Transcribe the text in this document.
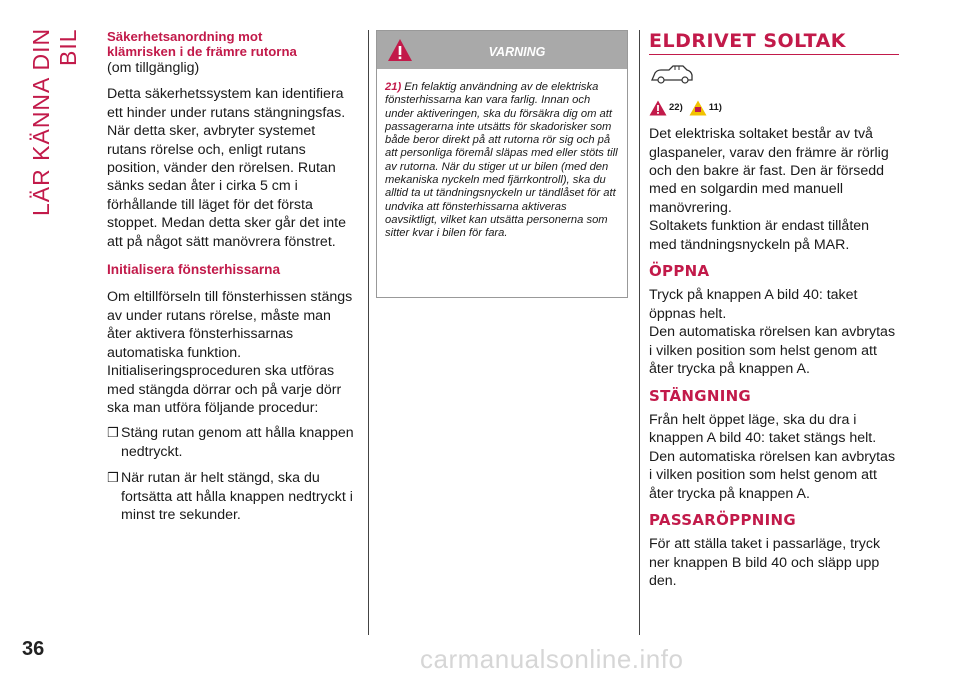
LÄR KÄNNA DIN BIL
36
Säkerhetsanordning mot
klämrisken i de främre rutorna
(om tillgänglig)

Detta säkerhetssystem kan identifiera ett hinder under rutans stängningsfas. När detta sker, avbryter systemet rutans rörelse och, enligt rutans position, vänder den rörelsen. Rutan sänks sedan åter i cirka 5 cm i förhållande till läget för det första stoppet. Medan detta sker går det inte att på något sätt manövrera fönstret.

Initialisera fönsterhissarna

Om eltillförseln till fönsterhissen stängs av under rutans rörelse, måste man åter aktivera fönsterhissarnas automatiska funktion.

Initialiseringsproceduren ska utföras med stängda dörrar och på varje dörr ska man utföra följande procedur:

❒ Stäng rutan genom att hålla knappen nedtryckt.
❒ När rutan är helt stängd, ska du fortsätta att hålla knappen nedtryckt i minst tre sekunder.
VARNING
21) En felaktig användning av de elektriska fönsterhissarna kan vara farlig. Innan och under aktiveringen, ska du försäkra dig om att passagerarna inte utsätts för skadorisker som både beror direkt på att rutorna rör sig och på att personliga föremål släpas med eller stöts till av rutorna. När du stiger ut ur bilen (med den mekaniska nyckeln med fjärrkontroll), ska du alltid ta ut tändningsnyckeln ur tändlåset för att undvika att fönsterhissarna aktiveras oavsiktligt, vilket kan utsätta personerna som sitter kvar i bilen för fara.
ELDRIVET SOLTAK
22)	11)

Det elektriska soltaket består av två glaspaneler, varav den främre är rörlig och den bakre är fast. Den är försedd med en solgardin med manuell manövrering.

Soltakets funktion är endast tillåten med tändningsnyckeln på MAR.

ÖPPNA

Tryck på knappen A bild 40: taket öppnas helt.

Den automatiska rörelsen kan avbrytas i vilken position som helst genom att åter trycka på knappen A.

STÄNGNING

Från helt öppet läge, ska du dra i knappen A bild 40: taket stängs helt.

Den automatiska rörelsen kan avbrytas i vilken position som helst genom att åter trycka på knappen A.

PASSARÖPPNING

För att ställa taket i passarläge, tryck ner knappen B bild 40 och släpp upp den.

carmanualsonline.info
